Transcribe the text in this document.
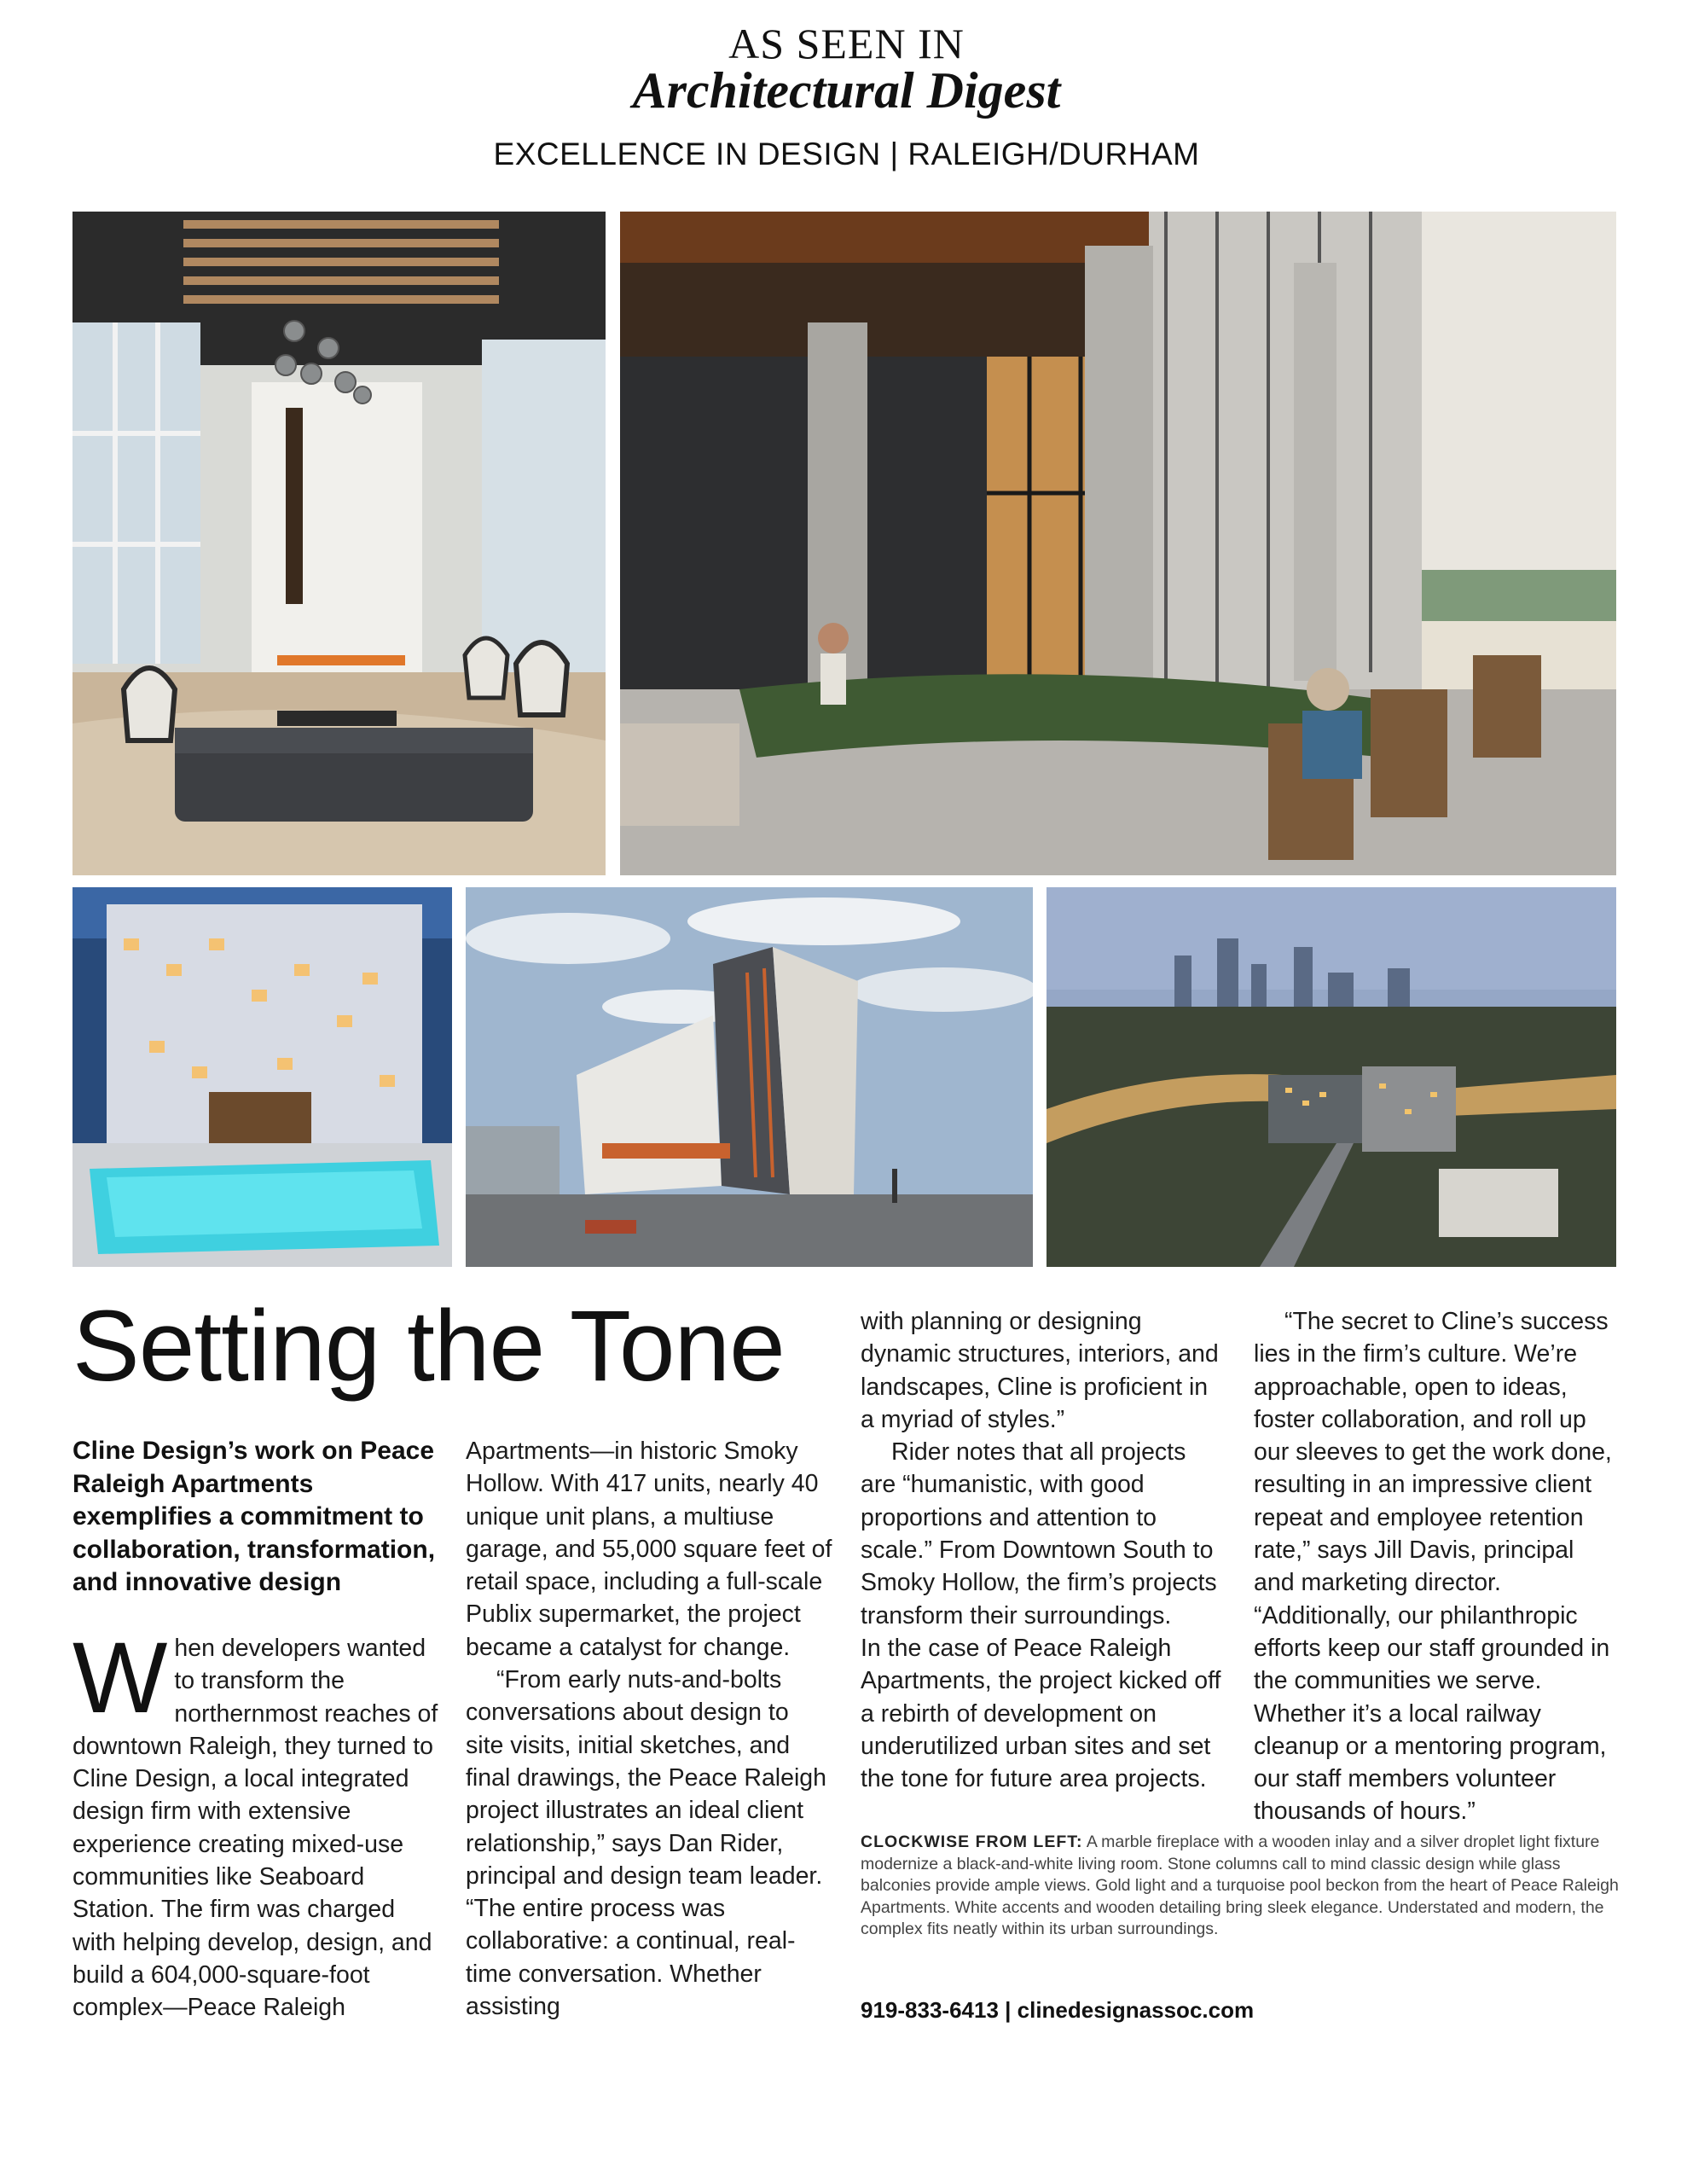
AS SEEN IN
Architectural Digest
EXCELLENCE IN DESIGN | RALEIGH/DURHAM
Setting the Tone
Cline Design’s work on Peace Raleigh Apartments exemplifies a commitment to collaboration, transformation, and innovative design

When developers wanted to transform the northernmost reaches of downtown Raleigh, they turned to Cline Design, a local integrated design firm with extensive experience creating mixed-use communities like Seaboard Station. The firm was charged with helping develop, design, and build a 604,000-square-foot complex—Peace Raleigh

Apartments—in historic Smoky Hollow. With 417 units, nearly 40 unique unit plans, a multiuse garage, and 55,000 square feet of retail space, including a full-scale Publix supermarket, the project became a catalyst for change.

“From early nuts-and-bolts conversations about design to site visits, initial sketches, and final drawings, the Peace Raleigh project illustrates an ideal client relationship,” says Dan Rider, principal and design team leader. “The entire process was collaborative: a continual, real-time conversation. Whether assisting

with planning or designing dynamic structures, interiors, and landscapes, Cline is proficient in a myriad of styles.”

Rider notes that all projects are “humanistic, with good proportions and attention to scale.” From Downtown South to Smoky Hollow, the firm’s projects transform their surroundings.

In the case of Peace Raleigh Apartments, the project kicked off a rebirth of development on underutilized urban sites and set the tone for future area projects.

“The secret to Cline’s success lies in the firm’s culture. We’re approachable, open to ideas, foster collaboration, and roll up our sleeves to get the work done, resulting in an impressive client repeat and employee retention rate,” says Jill Davis, principal and marketing director. “Additionally, our philanthropic efforts keep our staff grounded in the communities we serve. Whether it’s a local railway cleanup or a mentoring program, our staff members volunteer thousands of hours.”

CLOCKWISE FROM LEFT: A marble fireplace with a wooden inlay and a silver droplet light fixture modernize a black-and-white living room. Stone columns call to mind classic design while glass balconies provide ample views. Gold light and a turquoise pool beckon from the heart of Peace Raleigh Apartments. White accents and wooden detailing bring sleek elegance. Understated and modern, the complex fits neatly within its urban surroundings.
919-833-6413 | clinedesignassoc.com
